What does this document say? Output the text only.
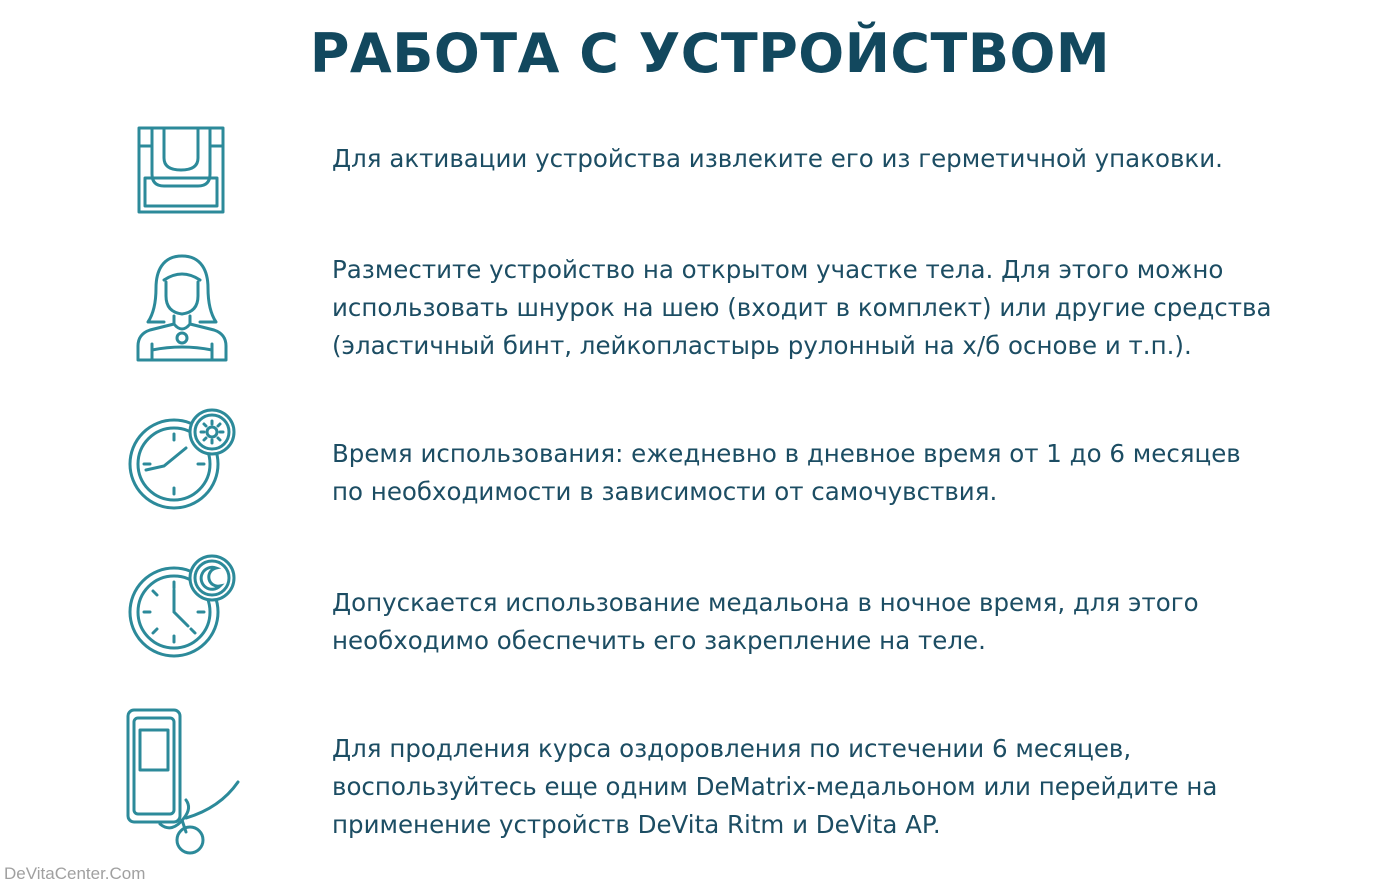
РАБОТА С УСТРОЙСТВОМ

Для активации устройства извлеките его из герметичной упаковки.

Разместите устройство на открытом участке тела. Для этого можно
использовать шнурок на шею (входит в комплект) или другие средства
(эластичный бинт, лейкопластырь рулонный на х/б основе и т.п.).

Время использования: ежедневно в дневное время от 1 до 6 месяцев
по необходимости в зависимости от самочувствия.

Допускается использование медальона в ночное время, для этого
необходимо обеспечить его закрепление на теле.

Для продления курса оздоровления по истечении 6 месяцев,
воспользуйтесь еще одним DeMatrix-медальоном или перейдите на
применение устройств DeVita Ritm и DeVita AP.

DeVitaCenter.Com
